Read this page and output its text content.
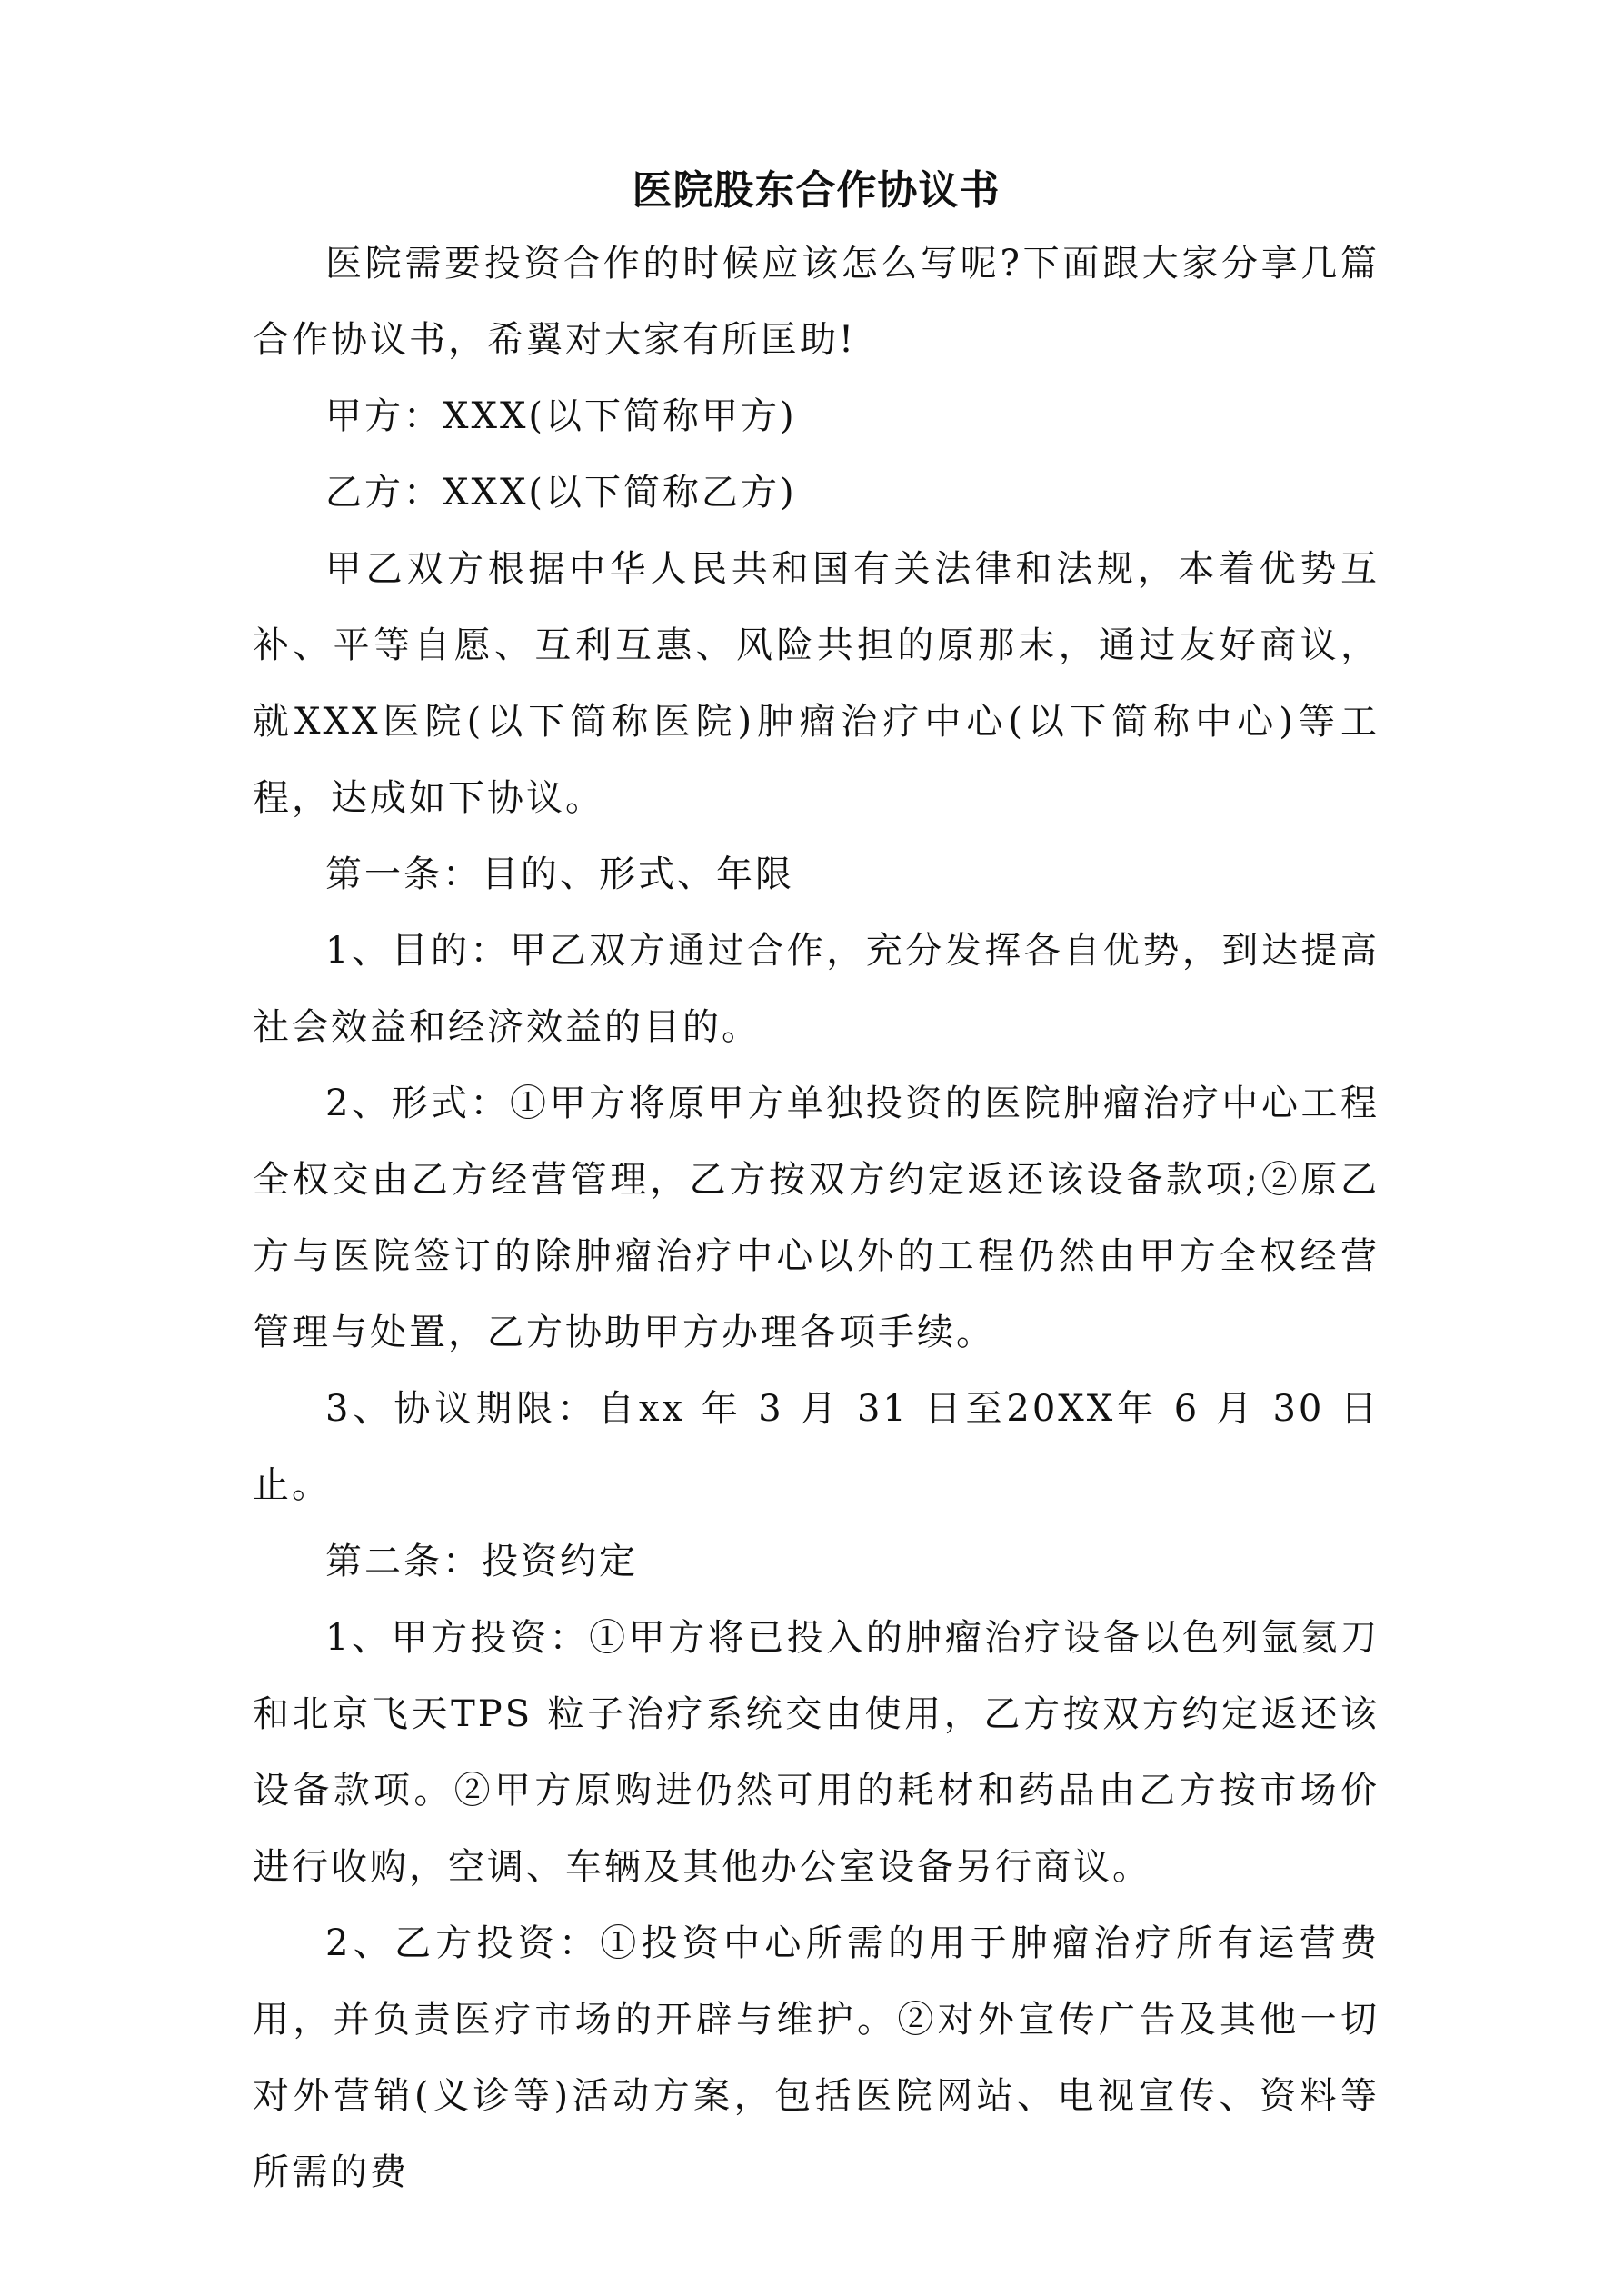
医院股东合作协议书

医院需要投资合作的时候应该怎么写呢?下面跟大家分享几篇合作协议书，希翼对大家有所匡助!

甲方：XXX(以下简称甲方)

乙方：XXX(以下简称乙方)

甲乙双方根据中华人民共和国有关法律和法规，本着优势互补、平等自愿、互利互惠、风险共担的原那末，通过友好商议，就XXX医院(以下简称医院)肿瘤治疗中心(以下简称中心)等工程，达成如下协议。

第一条：目的、形式、年限

1、目的：甲乙双方通过合作，充分发挥各自优势，到达提高社会效益和经济效益的目的。

2、形式：①甲方将原甲方单独投资的医院肿瘤治疗中心工程全权交由乙方经营管理，乙方按双方约定返还该设备款项;②原乙方与医院签订的除肿瘤治疗中心以外的工程仍然由甲方全权经营管理与处置，乙方协助甲方办理各项手续。

3、协议期限：自xx 年 3 月 31 日至20XX年 6 月 30 日止。

第二条：投资约定

1、甲方投资：①甲方将已投入的肿瘤治疗设备以色列氩氦刀和北京飞天TPS 粒子治疗系统交由使用，乙方按双方约定返还该设备款项。②甲方原购进仍然可用的耗材和药品由乙方按市场价进行收购，空调、车辆及其他办公室设备另行商议。

2、乙方投资：①投资中心所需的用于肿瘤治疗所有运营费用，并负责医疗市场的开辟与维护。②对外宣传广告及其他一切对外营销(义诊等)活动方案，包括医院网站、电视宣传、资料等所需的费
